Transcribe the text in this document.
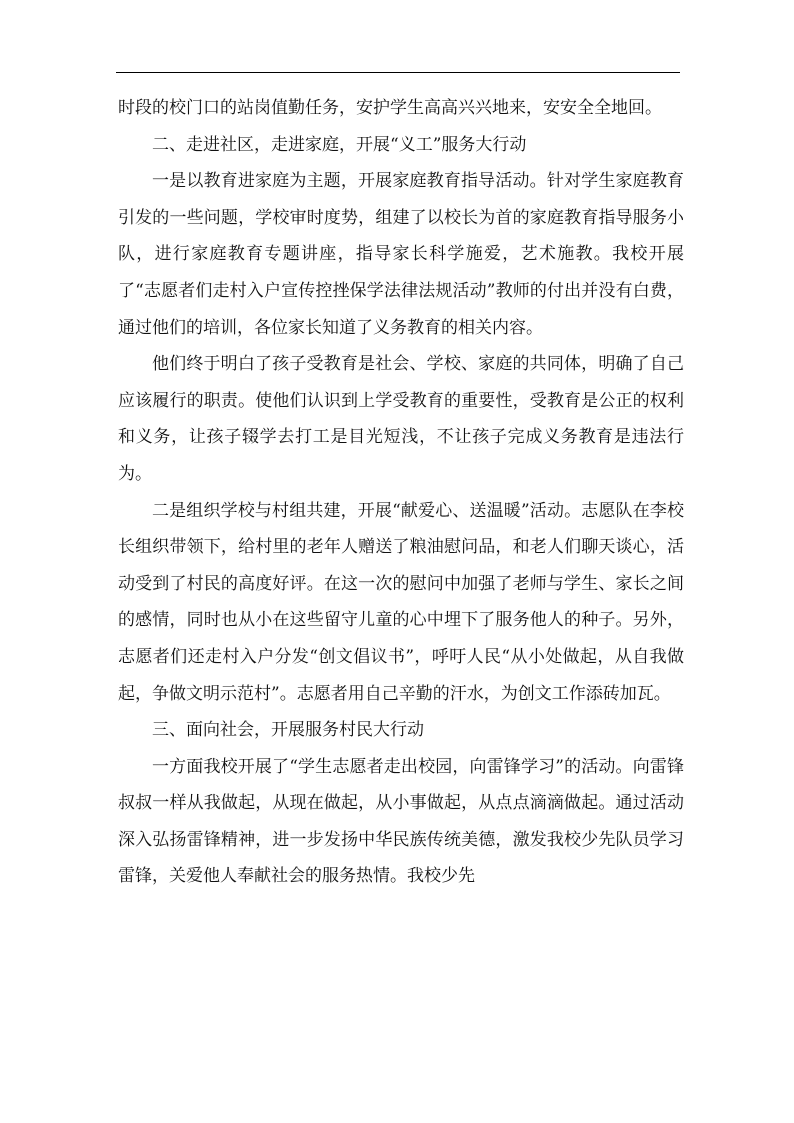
时段的校门口的站岗值勤任务，安护学生高高兴兴地来，安安全全地回。

二、走进社区，走进家庭，开展“义工”服务大行动

一是以教育进家庭为主题，开展家庭教育指导活动。针对学生家庭教育引发的一些问题，学校审时度势，组建了以校长为首的家庭教育指导服务小队，进行家庭教育专题讲座，指导家长科学施爱，艺术施教。我校开展了“志愿者们走村入户宣传控挫保学法律法规活动”教师的付出并没有白费，通过他们的培训，各位家长知道了义务教育的相关内容。

他们终于明白了孩子受教育是社会、学校、家庭的共同体，明确了自己应该履行的职责。使他们认识到上学受教育的重要性，受教育是公正的权利和义务，让孩子辍学去打工是目光短浅，不让孩子完成义务教育是违法行为。

二是组织学校与村组共建，开展“献爱心、送温暖”活动。志愿队在李校长组织带领下，给村里的老年人赠送了粮油慰问品，和老人们聊天谈心，活动受到了村民的高度好评。在这一次的慰问中加强了老师与学生、家长之间的感情，同时也从小在这些留守儿童的心中埋下了服务他人的种子。另外，志愿者们还走村入户分发“创文倡议书”，呼吁人民“从小处做起，从自我做起，争做文明示范村”。志愿者用自己辛勤的汗水，为创文工作添砖加瓦。

三、面向社会，开展服务村民大行动

一方面我校开展了“学生志愿者走出校园，向雷锋学习”的活动。向雷锋叔叔一样从我做起，从现在做起，从小事做起，从点点滴滴做起。通过活动深入弘扬雷锋精神，进一步发扬中华民族传统美德，激发我校少先队员学习雷锋，关爱他人奉献社会的服务热情。我校少先
